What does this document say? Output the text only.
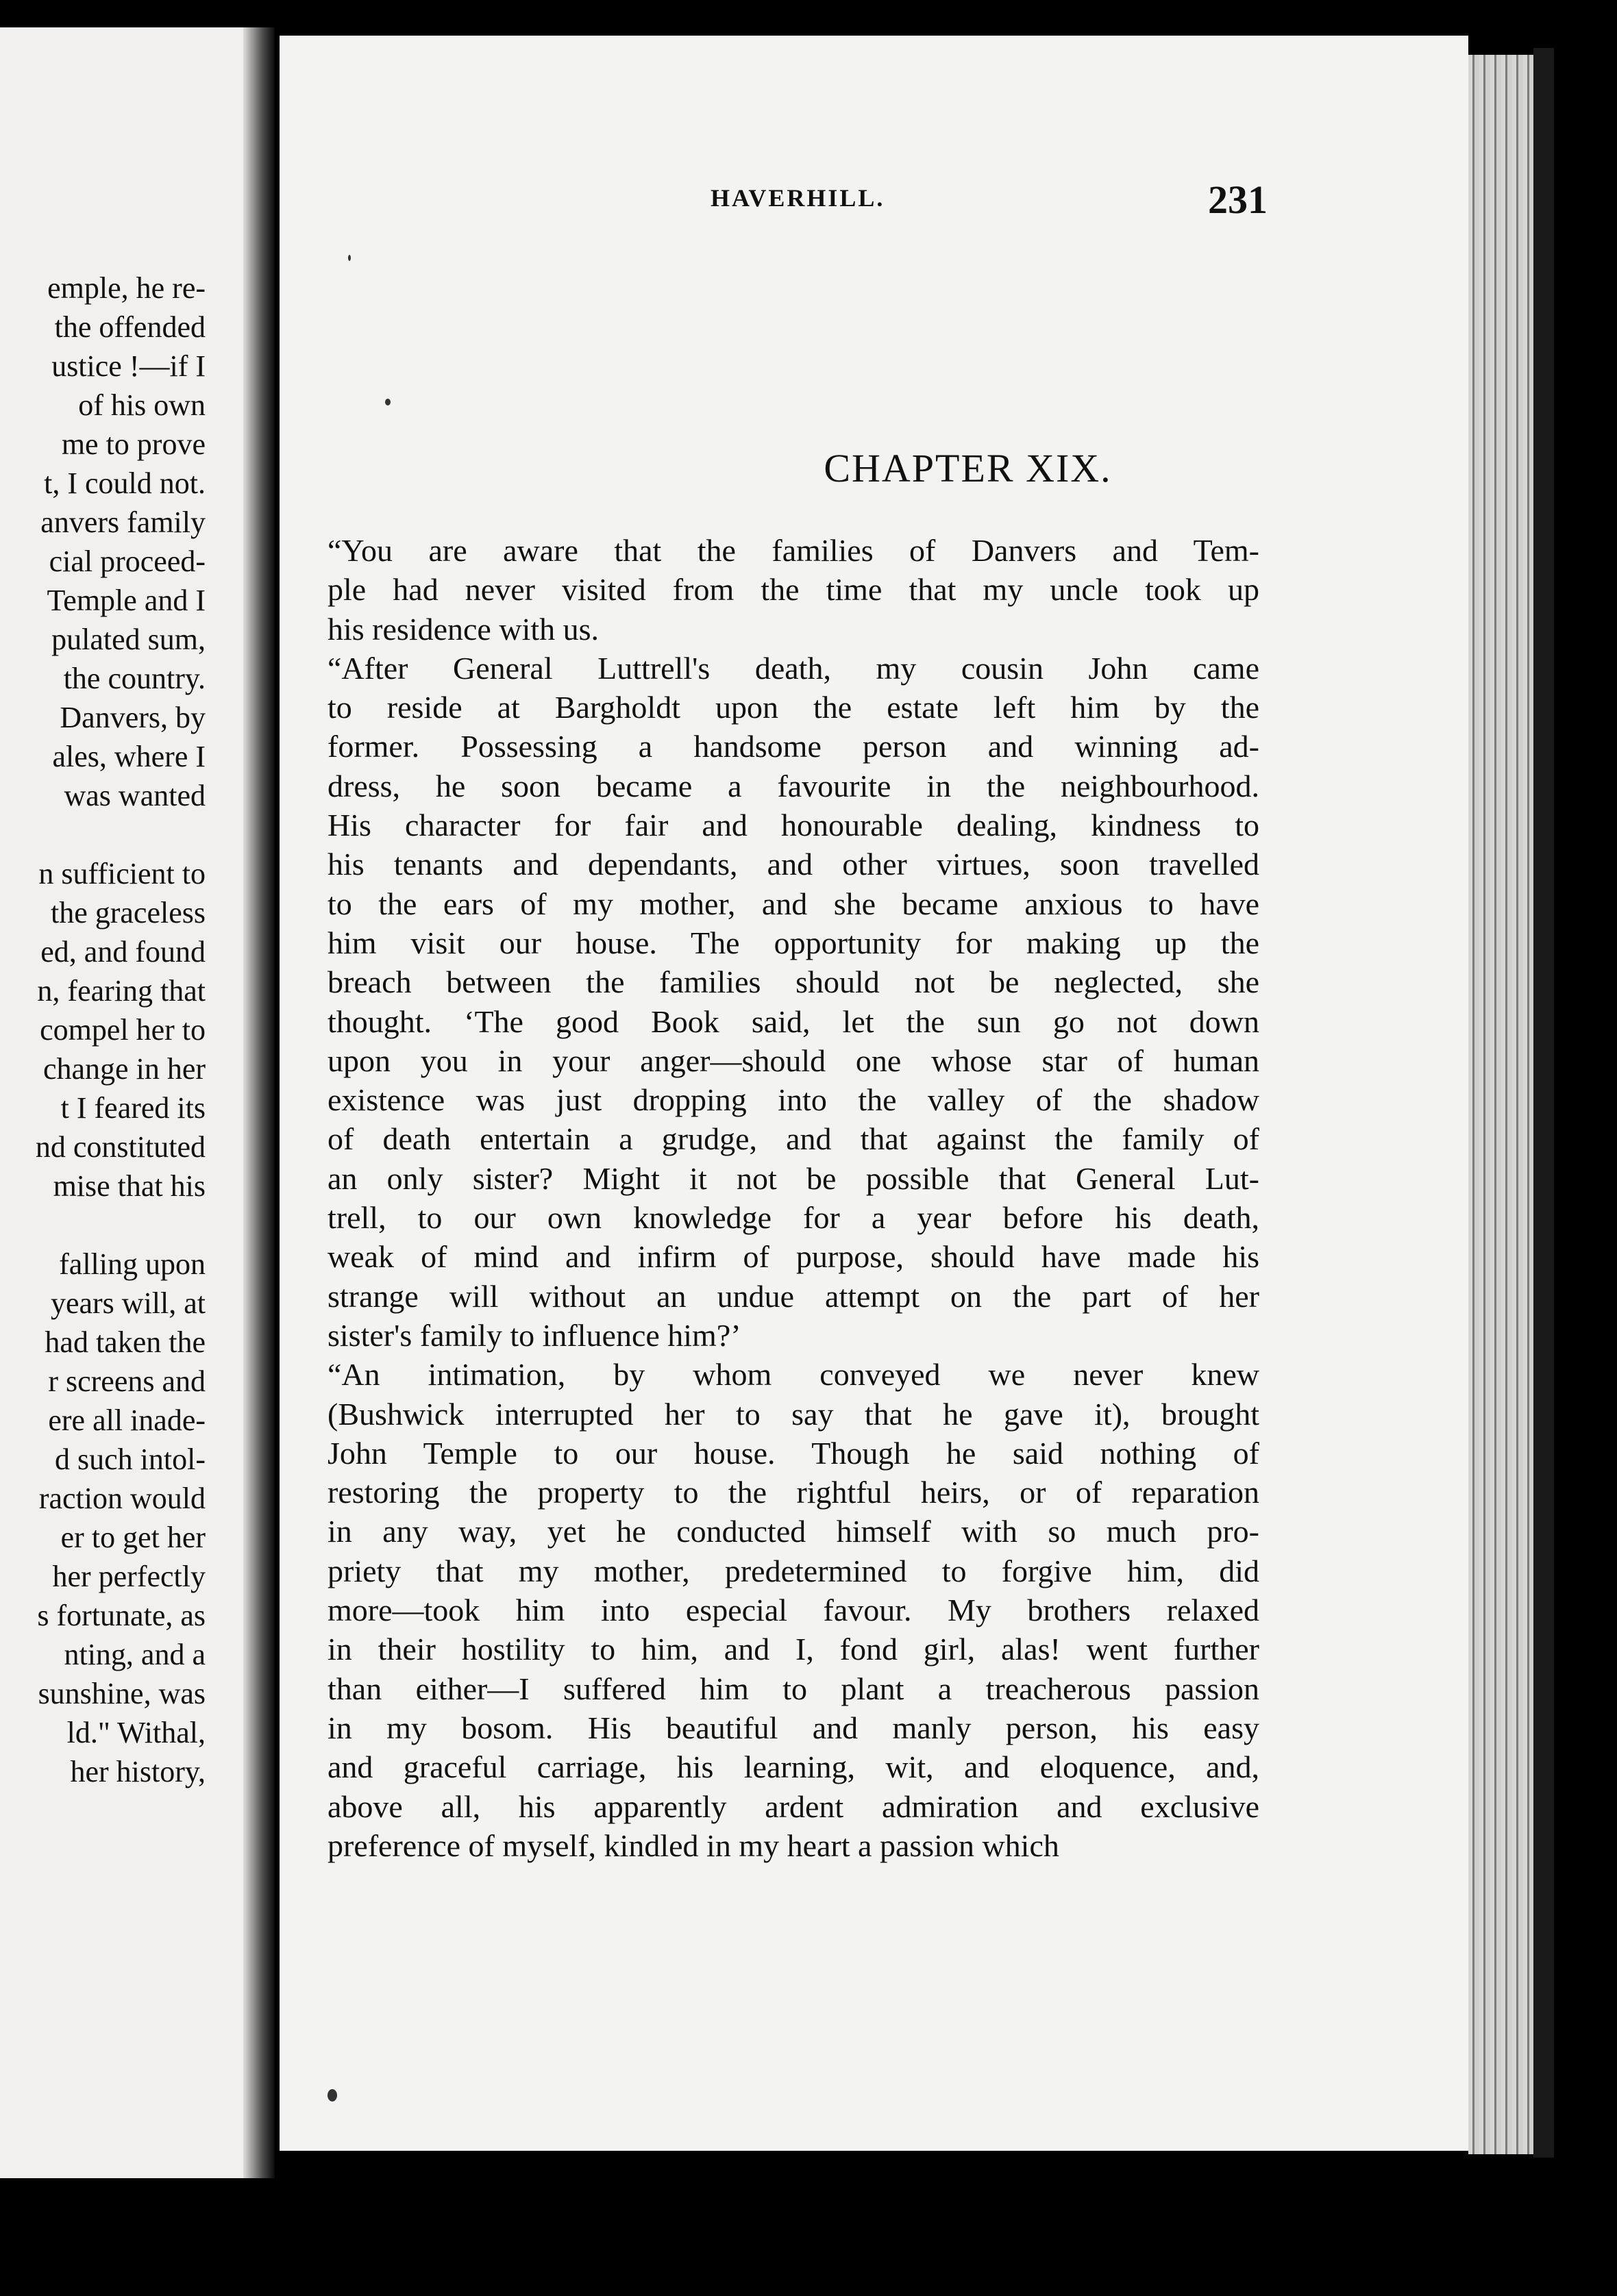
emple, he re-
the offended
ustice !—if I
of his own
me to prove
t, I could not.
anvers family
cial proceed-
Temple and I
pulated sum,
the country.
Danvers, by
ales, where I
was wanted
n sufficient to
the graceless
ed, and found
n, fearing that
compel her to
change in her
t I feared its
nd constituted
mise that his
falling upon
years will, at
had taken the
r screens and
ere all inade-
d such intol-
raction would
er to get her
her perfectly
s fortunate, as
nting, and a
sunshine, was
ld." Withal,
her history,
HAVERHILL.	231
CHAPTER XIX.
“You are aware that the families of Danvers and Tem-
ple had never visited from the time that my uncle took up
his residence with us.
“After General Luttrell's death, my cousin John came
to reside at Bargholdt upon the estate left him by the
former. Possessing a handsome person and winning ad-
dress, he soon became a favourite in the neighbourhood.
His character for fair and honourable dealing, kindness to
his tenants and dependants, and other virtues, soon travelled
to the ears of my mother, and she became anxious to have
him visit our house. The opportunity for making up the
breach between the families should not be neglected, she
thought. ‘The good Book said, let the sun go not down
upon you in your anger—should one whose star of human
existence was just dropping into the valley of the shadow
of death entertain a grudge, and that against the family of
an only sister? Might it not be possible that General Lut-
trell, to our own knowledge for a year before his death,
weak of mind and infirm of purpose, should have made his
strange will without an undue attempt on the part of her
sister's family to influence him?’
“An intimation, by whom conveyed we never knew
(Bushwick interrupted her to say that he gave it), brought
John Temple to our house. Though he said nothing of
restoring the property to the rightful heirs, or of reparation
in any way, yet he conducted himself with so much pro-
priety that my mother, predetermined to forgive him, did
more—took him into especial favour. My brothers relaxed
in their hostility to him, and I, fond girl, alas! went further
than either—I suffered him to plant a treacherous passion
in my bosom. His beautiful and manly person, his easy
and graceful carriage, his learning, wit, and eloquence, and,
above all, his apparently ardent admiration and exclusive
preference of myself, kindled in my heart a passion which
